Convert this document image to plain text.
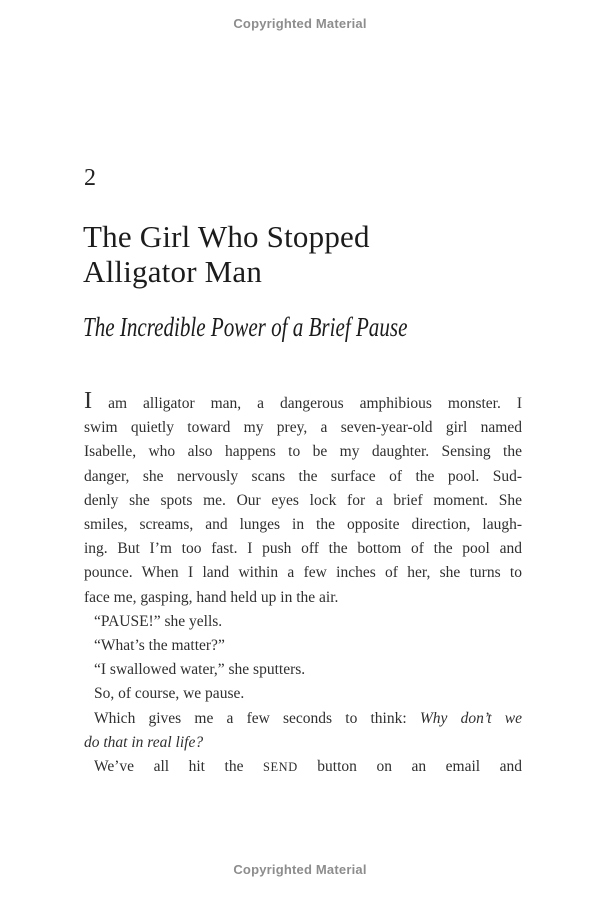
Copyrighted Material
2
The Girl Who Stopped
Alligator Man
The Incredible Power of a Brief Pause
I am alligator man, a dangerous amphibious monster. I
swim quietly toward my prey, a seven-year-old girl named
Isabelle, who also happens to be my daughter. Sensing the
danger, she nervously scans the surface of the pool. Sud-
denly she spots me. Our eyes lock for a brief moment. She
smiles, screams, and lunges in the opposite direction, laugh-
ing. But I’m too fast. I push off the bottom of the pool and
pounce. When I land within a few inches of her, she turns to
face me, gasping, hand held up in the air.
“PAUSE!” she yells.
“What’s the matter?”
“I swallowed water,” she sputters.
So, of course, we pause.
Which gives me a few seconds to think: Why don’t we
do that in real life?
We’ve all hit the SEND button on an email and
Copyrighted Material
